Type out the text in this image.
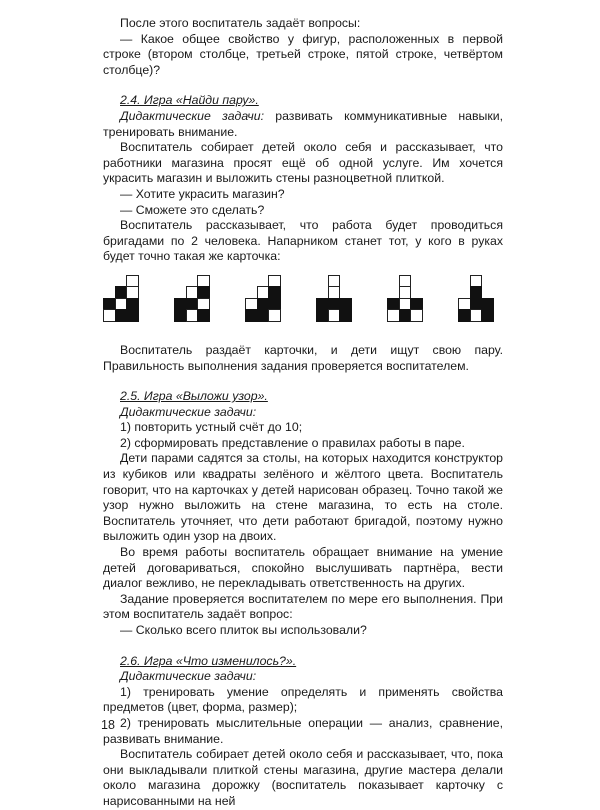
После этого воспитатель задаёт вопросы:

— Какое общее свойство у фигур, расположенных в первой строке (втором столбце, третьей строке, пятой строке, четвёртом столбце)?

2.4. Игра «Найди пару».

Дидактические задачи: развивать коммуникативные навыки, тренировать внимание.

Воспитатель собирает детей около себя и рассказывает, что работники магазина просят ещё об одной услуге. Им хочется украсить магазин и выложить стены разноцветной плиткой.

— Хотите украсить магазин?

— Сможете это сделать?

Воспитатель рассказывает, что работа будет проводиться бригадами по 2 человека. Напарником станет тот, у кого в руках будет точно такая же карточка:

Воспитатель раздаёт карточки, и дети ищут свою пару. Правильность выполнения задания проверяется воспитателем.

2.5. Игра «Выложи узор».

Дидактические задачи:

1) повторить устный счёт до 10;

2) сформировать представление о правилах работы в паре.

Дети парами садятся за столы, на которых находится конструктор из кубиков или квадраты зелёного и жёлтого цвета. Воспитатель говорит, что на карточках у детей нарисован образец. Точно такой же узор нужно выложить на стене магазина, то есть на столе. Воспитатель уточняет, что дети работают бригадой, поэтому нужно выложить один узор на двоих.

Во время работы воспитатель обращает внимание на умение детей договариваться, спокойно выслушивать партнёра, вести диалог вежливо, не перекладывать ответственность на других.

Задание проверяется воспитателем по мере его выполнения. При этом воспитатель задаёт вопрос:

— Сколько всего плиток вы использовали?

2.6. Игра «Что изменилось?».

Дидактические задачи:

1) тренировать умение определять и применять свойства предметов (цвет, форма, размер);

2) тренировать мыслительные операции — анализ, сравнение, развивать внимание.

Воспитатель собирает детей около себя и рассказывает, что, пока они выкладывали плиткой стены магазина, другие мастера делали около магазина дорожку (воспитатель показывает карточку с нарисованными на ней

18
